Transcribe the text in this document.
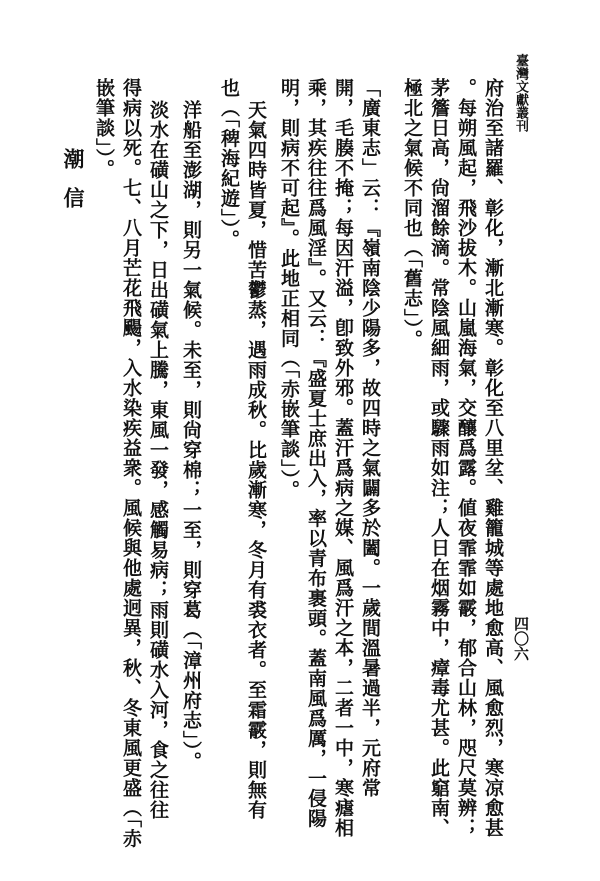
臺灣文獻叢刊
四〇六
府治至諸羅、彰化，漸北漸寒。彰化至八里坌、雞籠城等處地愈高、風愈烈，寒凉愈甚
。每朔風起，飛沙拔木。山嵐海氣，交釀爲露。値夜霏霏如霰，郁合山林，咫尺莫辨；
茅簷日高，尙溜餘滴。常陰風細雨，或驟雨如注；人日在烟霧中，瘴毒尤甚。此竆南、
極北之氣候不同也（「舊志」）。
「廣東志」云：『嶺南陰少陽多，故四時之氣闢多於闔。一歲間溫暑過半，元府常
開，毛腠不掩；每因汗溢，卽致外邪。蓋汗爲病之媒、風爲汗之本，二者一中，寒瘧相
乘，其疾往往爲風淫』。又云：『盛夏士庶出入，率以青布裹頭。蓋南風爲厲，一侵陽
明，則病不可起』。此地正相同（「赤嵌筆談」）。
天氣四時皆夏，惜苦鬱蒸，遇雨成秋。比歲漸寒，冬月有裘衣者。至霜霰，則無有
也（「稗海紀遊」）。
洋船至澎湖，則另一氣候。未至，則尙穿棉；一至，則穿葛（「漳州府志」）。
淡水在磺山之下，日出磺氣上騰，東風一發，感觸易病；雨則磺水入河，食之往往
得病以死。七、八月芒花飛颺，入水染疾益衆。風候與他處迥異，秋、冬東風更盛（「赤
嵌筆談」）。
潮信
